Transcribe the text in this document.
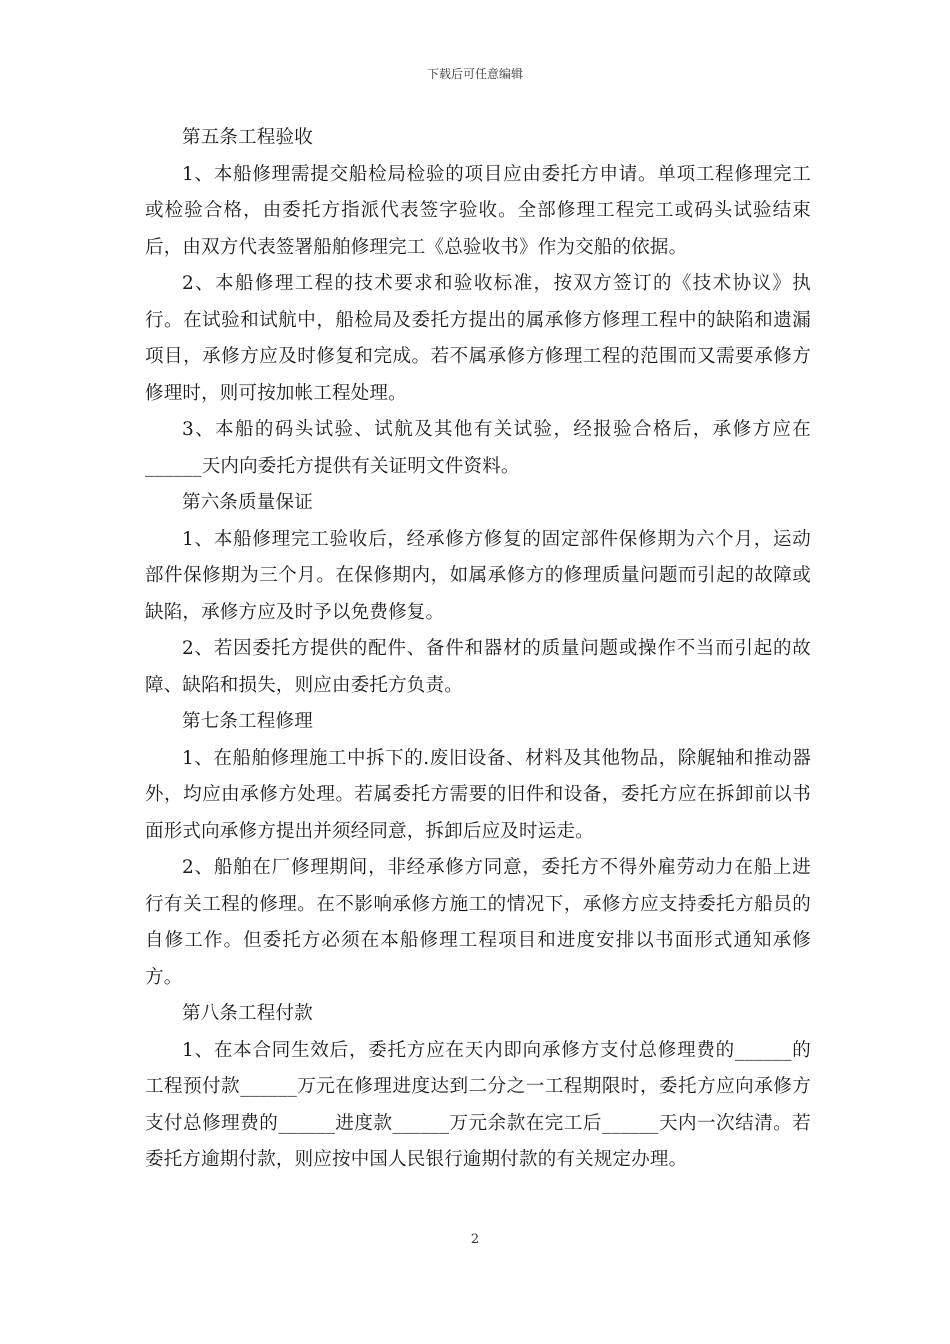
下载后可任意编辑

第五条工程验收

1、本船修理需提交船检局检验的项目应由委托方申请。单项工程修理完工或检验合格，由委托方指派代表签字验收。全部修理工程完工或码头试验结束后，由双方代表签署船舶修理完工《总验收书》作为交船的依据。

2、本船修理工程的技术要求和验收标准，按双方签订的《技术协议》执行。在试验和试航中，船检局及委托方提出的属承修方修理工程中的缺陷和遗漏项目，承修方应及时修复和完成。若不属承修方修理工程的范围而又需要承修方修理时，则可按加帐工程处理。

3、本船的码头试验、试航及其他有关试验，经报验合格后，承修方应在______天内向委托方提供有关证明文件资料。

第六条质量保证

1、本船修理完工验收后，经承修方修复的固定部件保修期为六个月，运动部件保修期为三个月。在保修期内，如属承修方的修理质量问题而引起的故障或缺陷，承修方应及时予以免费修复。

2、若因委托方提供的配件、备件和器材的质量问题或操作不当而引起的故障、缺陷和损失，则应由委托方负责。

第七条工程修理

1、在船舶修理施工中拆下的.废旧设备、材料及其他物品，除艉轴和推动器外，均应由承修方处理。若属委托方需要的旧件和设备，委托方应在拆卸前以书面形式向承修方提出并须经同意，拆卸后应及时运走。

2、船舶在厂修理期间，非经承修方同意，委托方不得外雇劳动力在船上进行有关工程的修理。在不影响承修方施工的情况下，承修方应支持委托方船员的自修工作。但委托方必须在本船修理工程项目和进度安排以书面形式通知承修方。

第八条工程付款

1、在本合同生效后，委托方应在天内即向承修方支付总修理费的______的工程预付款______万元在修理进度达到二分之一工程期限时，委托方应向承修方支付总修理费的______进度款______万元余款在完工后______天内一次结清。若委托方逾期付款，则应按中国人民银行逾期付款的有关规定办理。

2
